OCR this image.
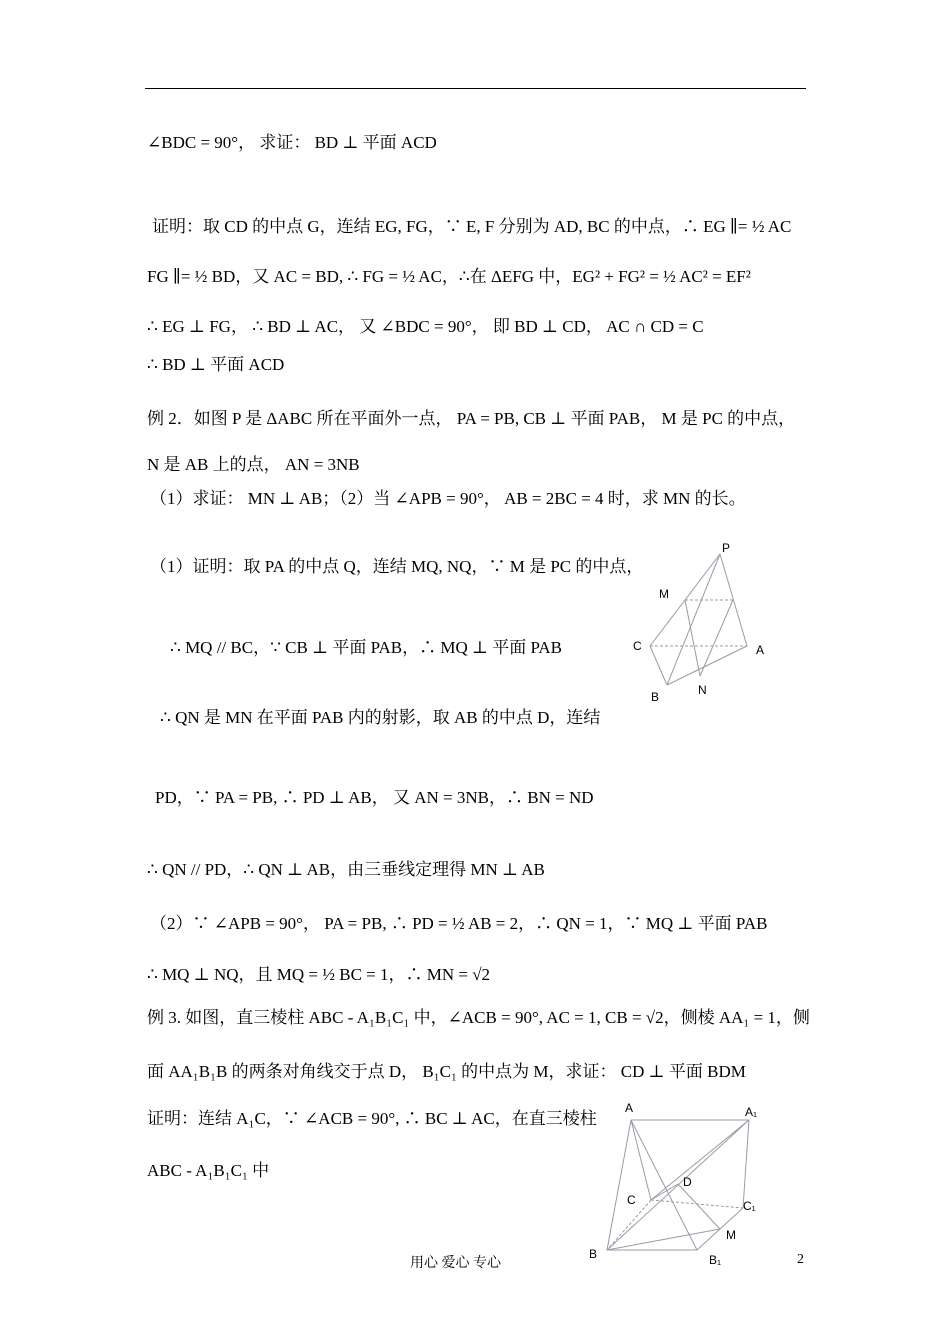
∠BDC = 90°， 求证： BD ⊥ 平面 ACD
证明：取 CD 的中点 G，连结 EG, FG，∵ E, F 分别为 AD, BC 的中点，∴ EG ∥= ½ AC
FG ∥= ½ BD，又 AC = BD, ∴ FG = ½ AC，∴在 ΔEFG 中，EG² + FG² = ½ AC² = EF²
∴ EG ⊥ FG， ∴ BD ⊥ AC， 又 ∠BDC = 90°， 即 BD ⊥ CD， AC ∩ CD = C
∴ BD ⊥ 平面 ACD
例 2．如图 P 是 ΔABC 所在平面外一点， PA = PB, CB ⊥ 平面 PAB， M 是 PC 的中点，
N 是 AB 上的点， AN = 3NB
（1）求证： MN ⊥ AB；（2）当 ∠APB = 90°， AB = 2BC = 4 时，求 MN 的长。
（1）证明：取 PA 的中点 Q，连结 MQ, NQ，∵ M 是 PC 的中点，
∴ MQ // BC，∵ CB ⊥ 平面 PAB，∴ MQ ⊥ 平面 PAB
∴ QN 是 MN 在平面 PAB 内的射影，取 AB 的中点 D，连结
PD，∵ PA = PB, ∴ PD ⊥ AB， 又 AN = 3NB，∴ BN = ND
∴ QN // PD，∴ QN ⊥ AB，由三垂线定理得 MN ⊥ AB
（2）∵ ∠APB = 90°， PA = PB, ∴ PD = ½ AB = 2，∴ QN = 1，∵ MQ ⊥ 平面 PAB
∴ MQ ⊥ NQ，且 MQ = ½ BC = 1，∴ MN = √2
例 3. 如图，直三棱柱 ABC - A₁B₁C₁ 中，∠ACB = 90°, AC = 1, CB = √2，侧棱 AA₁ = 1，侧
面 AA₁B₁B 的两条对角线交于点 D， B₁C₁ 的中点为 M，求证： CD ⊥ 平面 BDM
证明：连结 A₁C，∵ ∠ACB = 90°, ∴ BC ⊥ AC，在直三棱柱
ABC - A₁B₁C₁ 中
P
M
C	A
B	N
A	A₁
D
C	C₁
M
B	B₁
用心 爱心 专心	2
